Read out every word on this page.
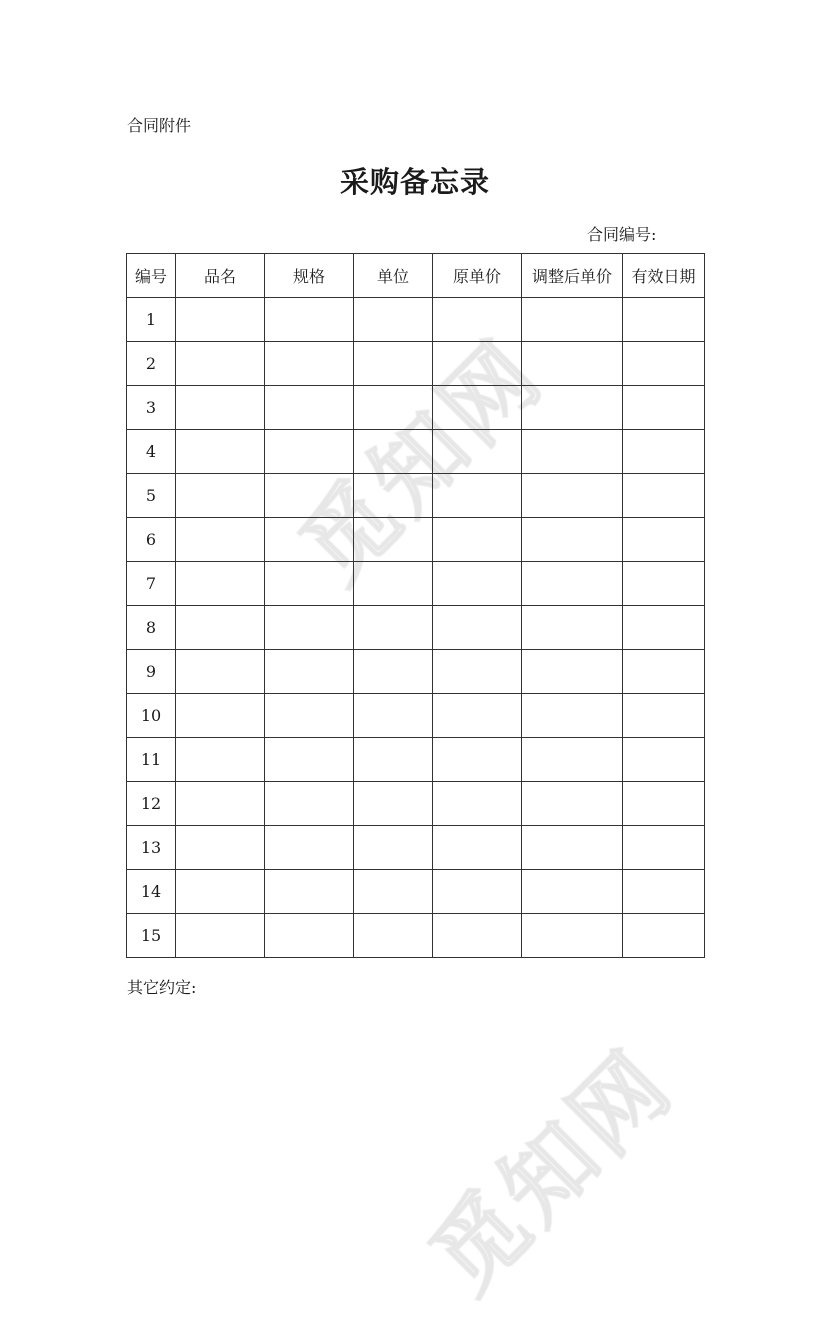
觅知网
觅知网
合同附件
采购备忘录
合同编号:
编号	品名	规格	单位	原单价	调整后单价	有效日期
1						
2						
3						
4						
5						
6						
7						
8						
9						
10						
11						
12						
13						
14						
15						
其它约定:
